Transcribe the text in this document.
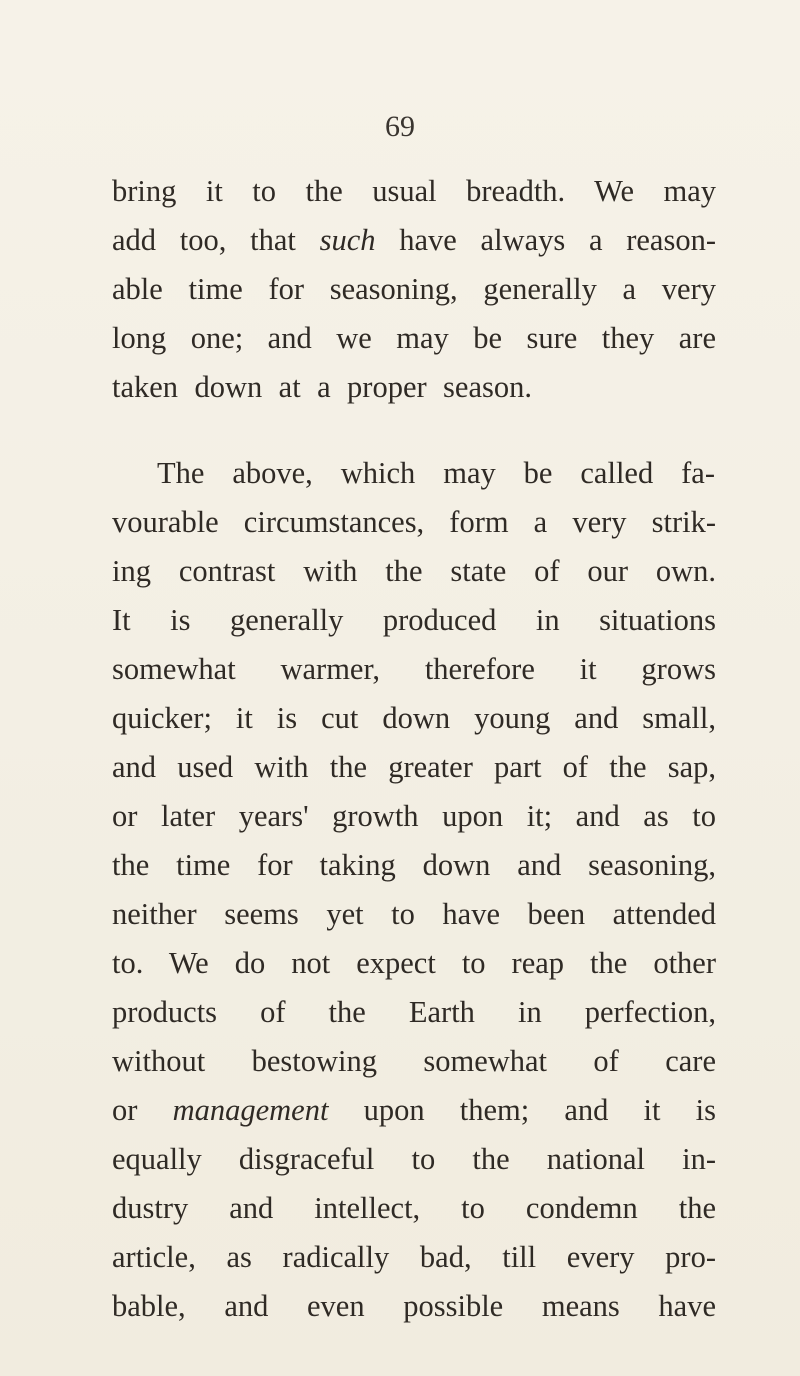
69
bring it to the usual breadth. We may
add too, that such have always a reason-
able time for seasoning, generally a very
long one; and we may be sure they are
taken down at a proper season.
The above, which may be called fa-
vourable circumstances, form a very strik-
ing contrast with the state of our own.
It is generally produced in situations
somewhat warmer, therefore it grows
quicker; it is cut down young and small,
and used with the greater part of the sap,
or later years' growth upon it; and as to
the time for taking down and seasoning,
neither seems yet to have been attended
to. We do not expect to reap the other
products of the Earth in perfection,
without bestowing somewhat of care
or management upon them; and it is
equally disgraceful to the national in-
dustry and intellect, to condemn the
article, as radically bad, till every pro-
bable, and even possible means have
